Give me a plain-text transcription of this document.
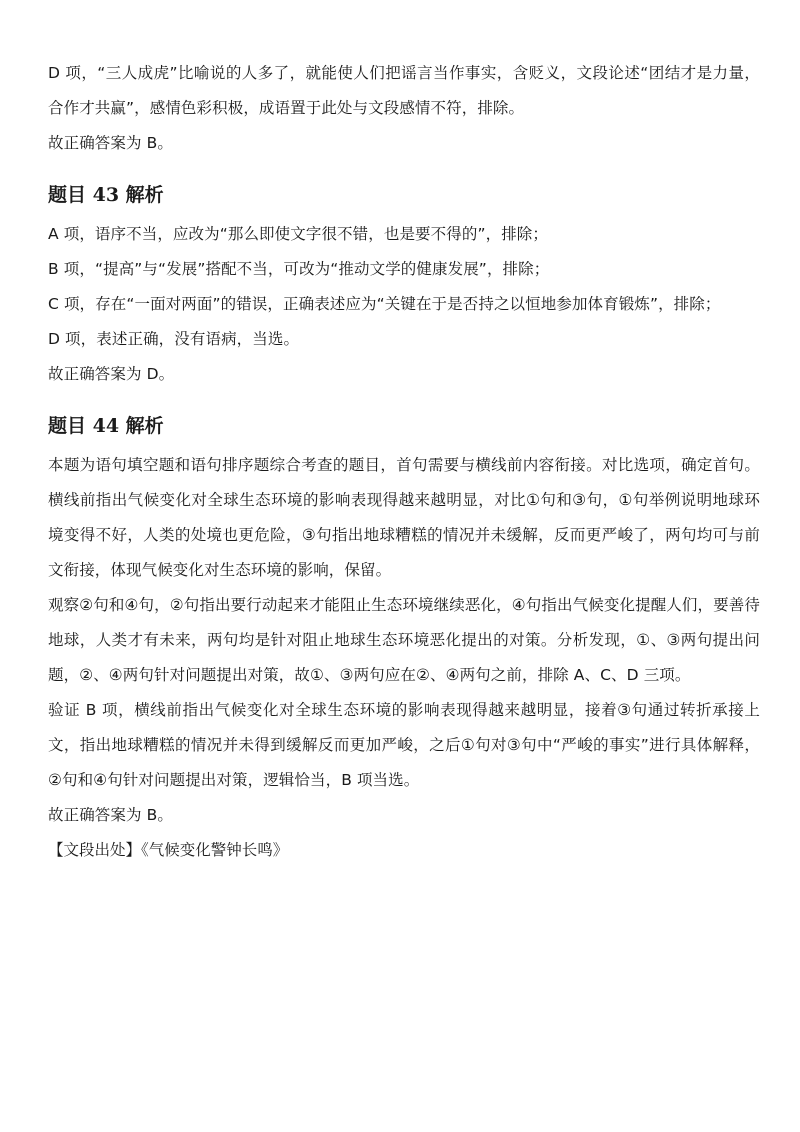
D 项，“三人成虎”比喻说的人多了，就能使人们把谣言当作事实，含贬义，文段论述“团结才是力量，合作才共赢”，感情色彩积极，成语置于此处与文段感情不符，排除。

故正确答案为 B。

题目 43 解析

A 项，语序不当，应改为“那么即使文字很不错，也是要不得的”，排除；

B 项，“提高”与“发展”搭配不当，可改为“推动文学的健康发展”，排除；

C 项，存在“一面对两面”的错误，正确表述应为“关键在于是否持之以恒地参加体育锻炼”，排除；

D 项，表述正确，没有语病，当选。

故正确答案为 D。

题目 44 解析

本题为语句填空题和语句排序题综合考查的题目，首句需要与横线前内容衔接。对比选项，确定首句。横线前指出气候变化对全球生态环境的影响表现得越来越明显，对比①句和③句，①句举例说明地球环境变得不好，人类的处境也更危险，③句指出地球糟糕的情况并未缓解，反而更严峻了，两句均可与前文衔接，体现气候变化对生态环境的影响，保留。

观察②句和④句，②句指出要行动起来才能阻止生态环境继续恶化，④句指出气候变化提醒人们，要善待地球，人类才有未来，两句均是针对阻止地球生态环境恶化提出的对策。分析发现，①、③两句提出问题，②、④两句针对问题提出对策，故①、③两句应在②、④两句之前，排除 A、C、D 三项。

验证 B 项，横线前指出气候变化对全球生态环境的影响表现得越来越明显，接着③句通过转折承接上文，指出地球糟糕的情况并未得到缓解反而更加严峻，之后①句对③句中“严峻的事实”进行具体解释，②句和④句针对问题提出对策，逻辑恰当，B 项当选。

故正确答案为 B。

【文段出处】《气候变化警钟长鸣》
